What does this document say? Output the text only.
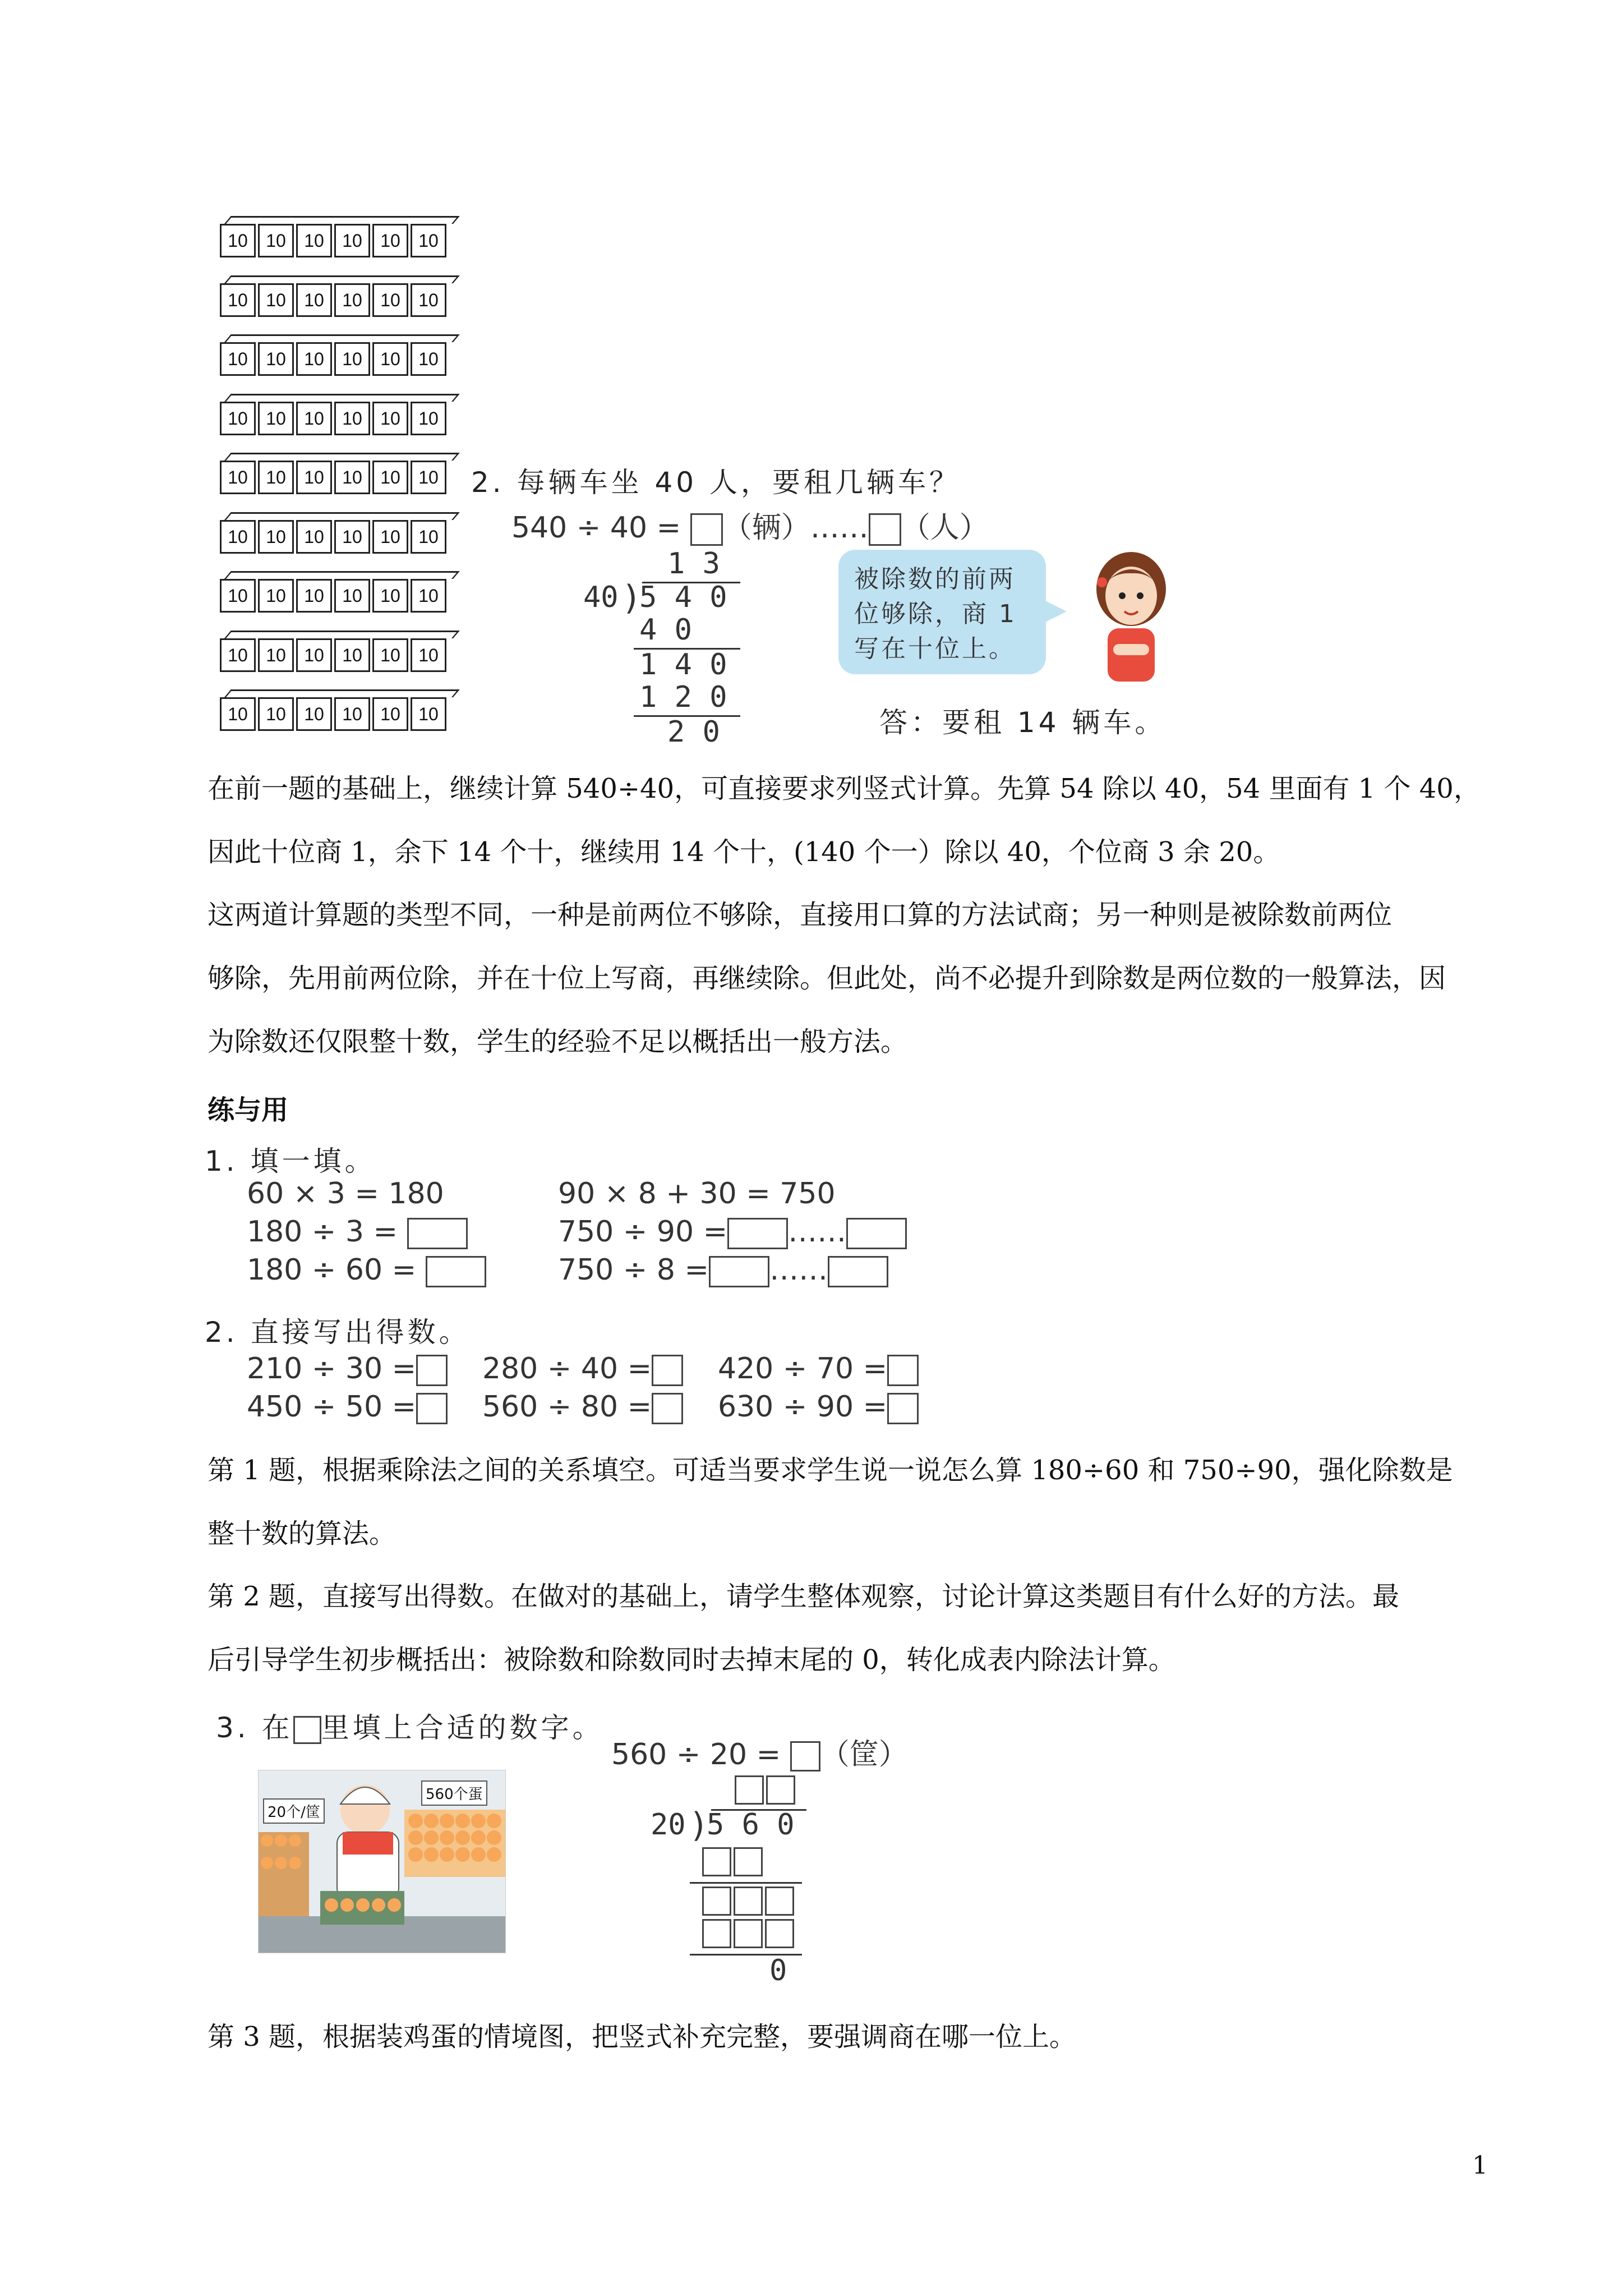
10	10	10	10	10	10
10	10	10	10	10	10
10	10	10	10	10	10
10	10	10	10	10	10
10	10	10	10	10	10
10	10	10	10	10	10
10	10	10	10	10	10
10	10	10	10	10	10
10	10	10	10	10	10
2. 每辆车坐 40 人，要租几辆车？
540 ÷ 40 = （辆）…… （人）
1 3
40 )
5 4 0
4 0
1 4 0
1 2 0
2 0
被除数的前两
位够除，商 1
写在十位上。
答：要租 14 辆车。
在前一题的基础上，继续计算 540÷40，可直接要求列竖式计算。先算 54 除以 40，54 里面有 1 个 40，
因此十位商 1，余下 14 个十，继续用 14 个十，(140 个一）除以 40，个位商 3 余 20。
这两道计算题的类型不同，一种是前两位不够除，直接用口算的方法试商；另一种则是被除数前两位
够除，先用前两位除，并在十位上写商，再继续除。但此处，尚不必提升到除数是两位数的一般算法，因
为除数还仅限整十数，学生的经验不足以概括出一般方法。
练与用
1. 填一填。
60 × 3 = 180
180 ÷ 3 =
180 ÷ 60 =
90 × 8 + 30 = 750
750 ÷ 90 = ……
750 ÷ 8 = ……
2. 直接写出得数。
210 ÷ 30 = 280 ÷ 40 = 420 ÷ 70 =
450 ÷ 50 = 560 ÷ 80 = 630 ÷ 90 =
第 1 题，根据乘除法之间的关系填空。可适当要求学生说一说怎么算 180÷60 和 750÷90，强化除数是
整十数的算法。
第 2 题，直接写出得数。在做对的基础上，请学生整体观察，讨论计算这类题目有什么好的方法。最
后引导学生初步概括出：被除数和除数同时去掉末尾的 0，转化成表内除法计算。
3. 在 里填上合适的数字。
20个/筐
560个蛋
560 ÷ 20 = （筐）
20 )
5 6 0
0
第 3 题，根据装鸡蛋的情境图，把竖式补充完整，要强调商在哪一位上。
1
